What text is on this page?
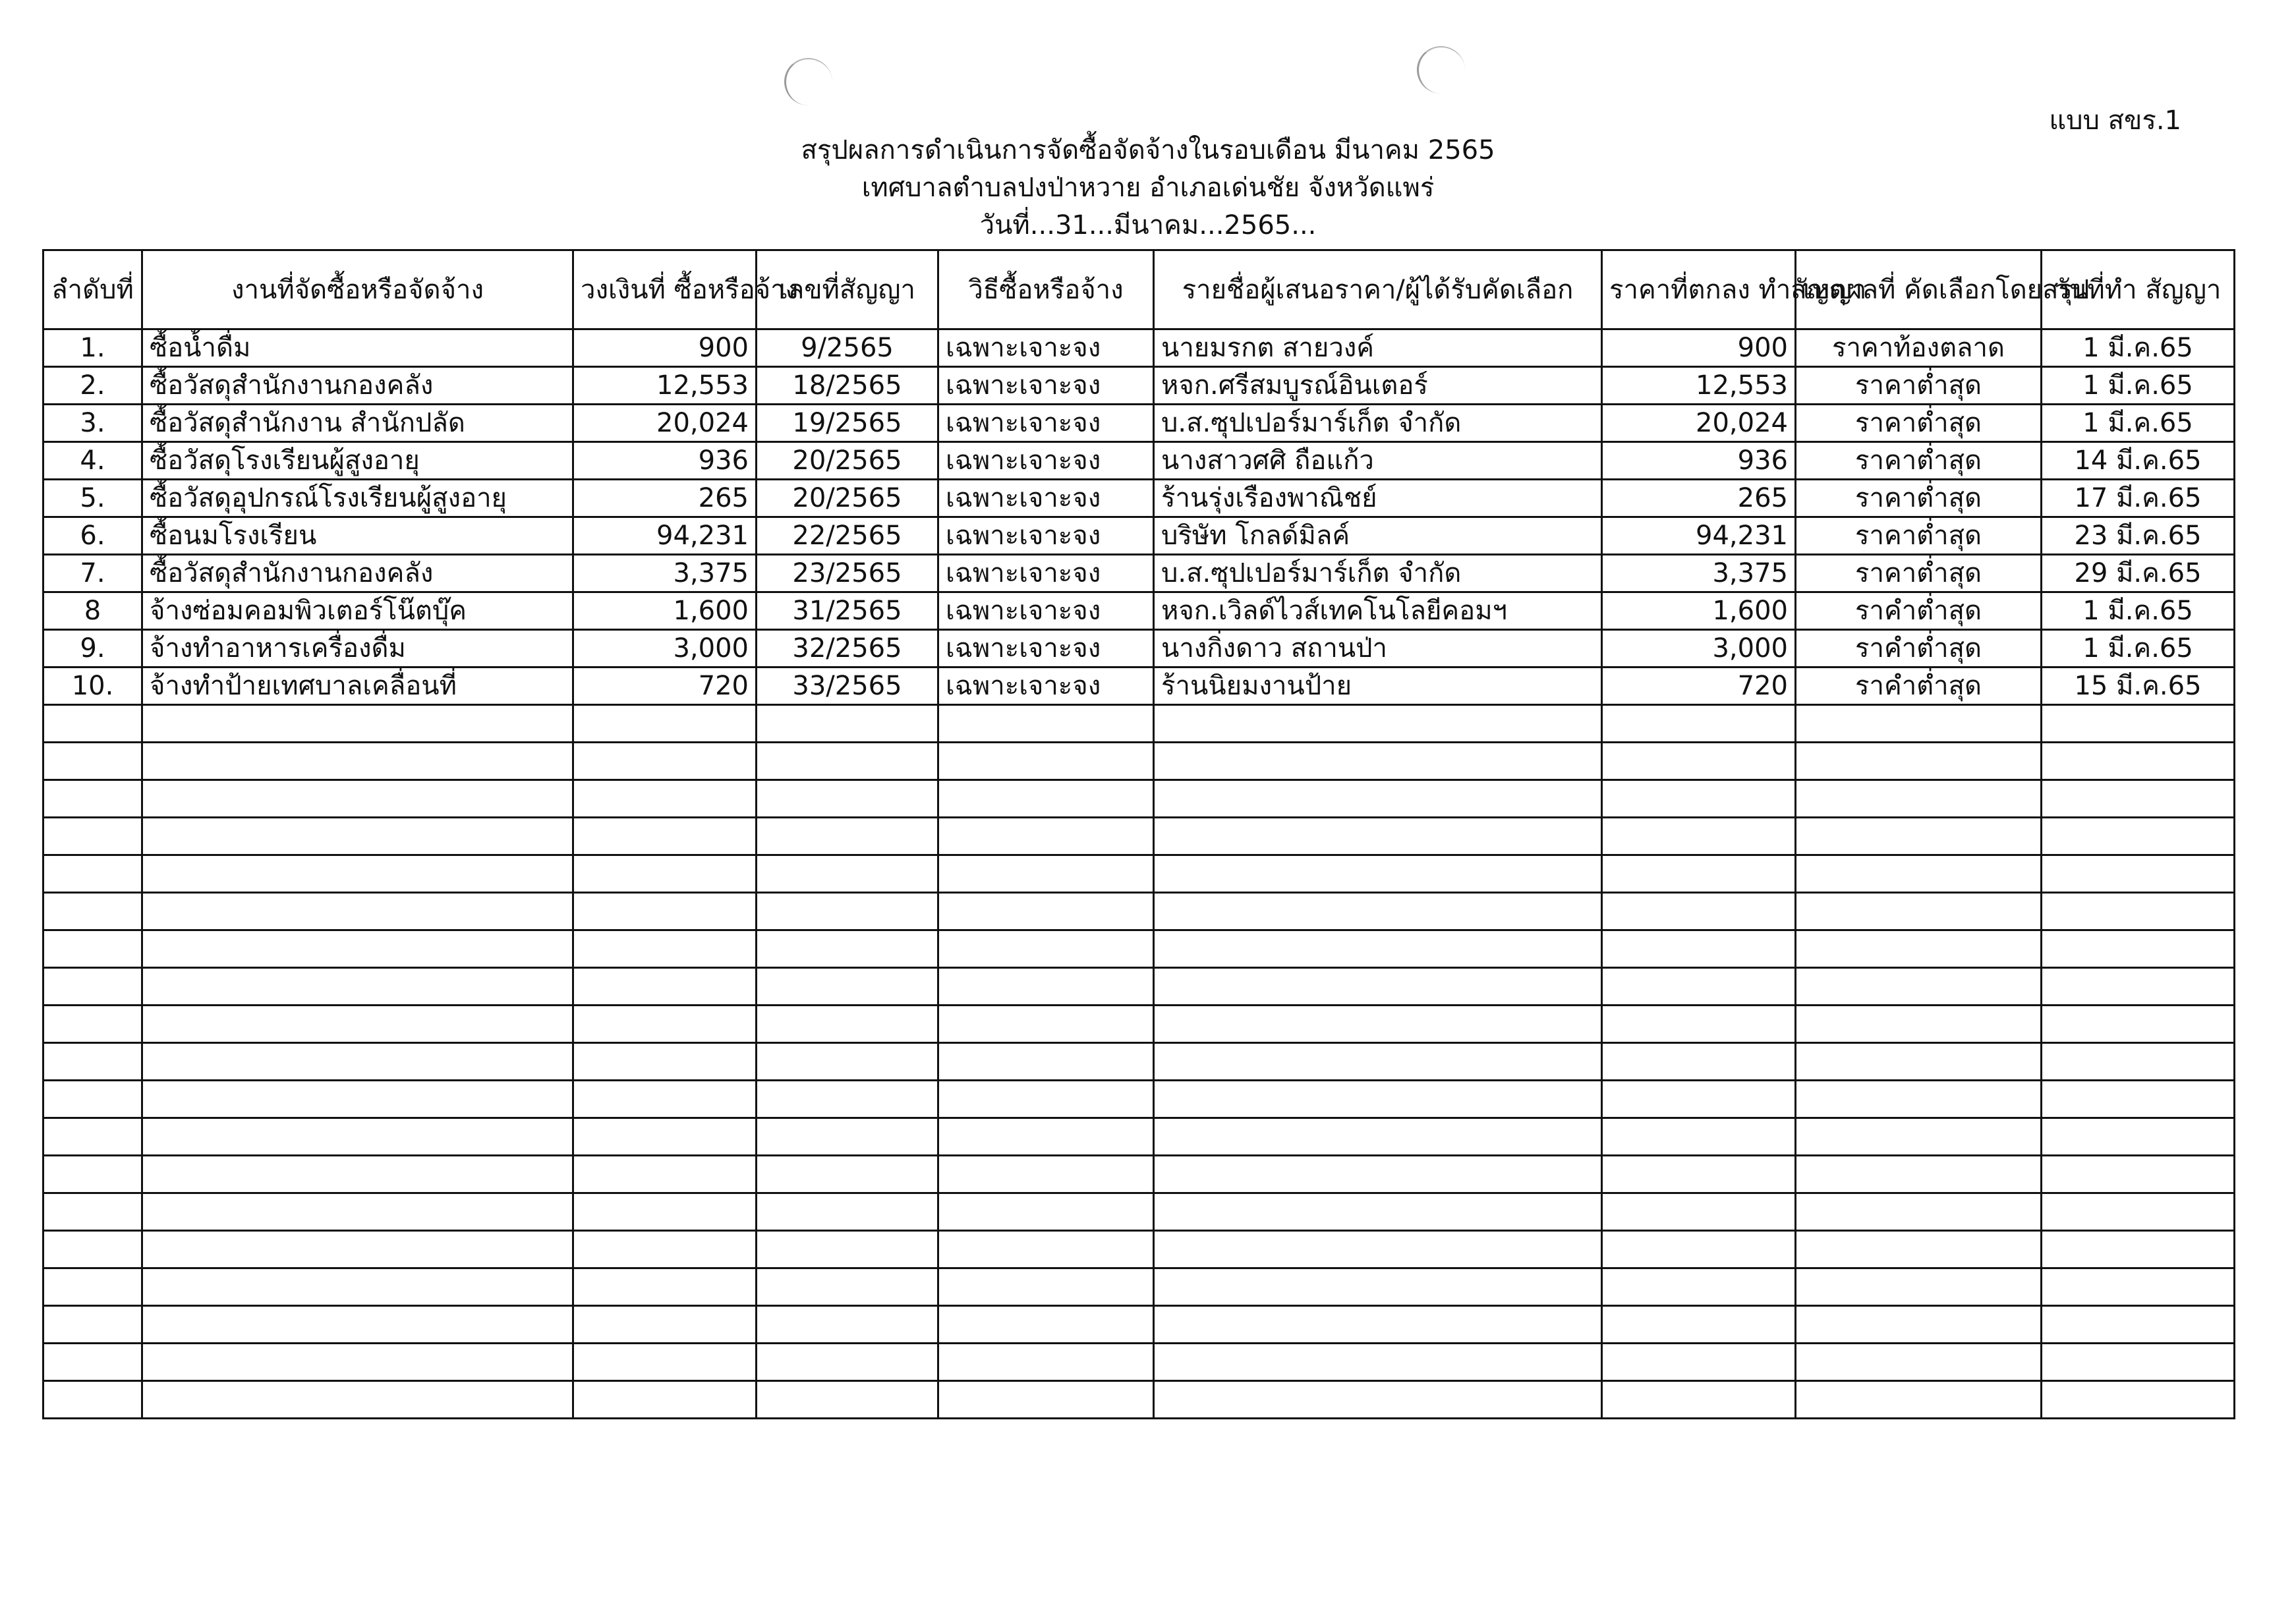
แบบ สขร.1
สรุปผลการดำเนินการจัดซื้อจัดจ้างในรอบเดือน มีนาคม 2565
เทศบาลตำบลปงป่าหวาย อำเภอเด่นชัย จังหวัดแพร่
วันที่...31...มีนาคม...2565...
ลำดับที่	งานที่จัดซื้อหรือจัดจ้าง	วงเงินที่ ซื้อหรือจ้าง	เลขที่สัญญา	วิธีซื้อหรือจ้าง	รายชื่อผู้เสนอราคา/ผู้ได้รับคัดเลือก	ราคาที่ตกลง ทำสัญญา	เหตุผลที่ คัดเลือกโดยสรุป	วันที่ทำ สัญญา
1.	ซื้อน้ำดื่ม	900	9/2565	เฉพาะเจาะจง	นายมรกต สายวงค์	900	ราคาท้องตลาด	1 มี.ค.65
2.	ซื้อวัสดุสำนักงานกองคลัง	12,553	18/2565	เฉพาะเจาะจง	หจก.ศรีสมบูรณ์อินเตอร์	12,553	ราคาต่ำสุด	1 มี.ค.65
3.	ซื้อวัสดุสำนักงาน สำนักปลัด	20,024	19/2565	เฉพาะเจาะจง	บ.ส.ซุปเปอร์มาร์เก็ต จำกัด	20,024	ราคาต่ำสุด	1 มี.ค.65
4.	ซื้อวัสดุโรงเรียนผู้สูงอายุ	936	20/2565	เฉพาะเจาะจง	นางสาวศศิ ถือแก้ว	936	ราคาต่ำสุด	14 มี.ค.65
5.	ซื้อวัสดุอุปกรณ์โรงเรียนผู้สูงอายุ	265	20/2565	เฉพาะเจาะจง	ร้านรุ่งเรืองพาณิชย์	265	ราคาต่ำสุด	17 มี.ค.65
6.	ซื้อนมโรงเรียน	94,231	22/2565	เฉพาะเจาะจง	บริษัท โกลด์มิลค์	94,231	ราคาต่ำสุด	23 มี.ค.65
7.	ซื้อวัสดุสำนักงานกองคลัง	3,375	23/2565	เฉพาะเจาะจง	บ.ส.ซุปเปอร์มาร์เก็ต จำกัด	3,375	ราคาต่ำสุด	29 มี.ค.65
8	จ้างซ่อมคอมพิวเตอร์โน๊ตบุ๊ค	1,600	31/2565	เฉพาะเจาะจง	หจก.เวิลด์ไวส์เทคโนโลยีคอมฯ	1,600	ราคำต่ำสุด	1 มี.ค.65
9.	จ้างทำอาหารเครื่องดื่ม	3,000	32/2565	เฉพาะเจาะจง	นางกิ่งดาว สถานป่า	3,000	ราคำต่ำสุด	1 มี.ค.65
10.	จ้างทำป้ายเทศบาลเคลื่อนที่	720	33/2565	เฉพาะเจาะจง	ร้านนิยมงานป้าย	720	ราคำต่ำสุด	15 มี.ค.65
